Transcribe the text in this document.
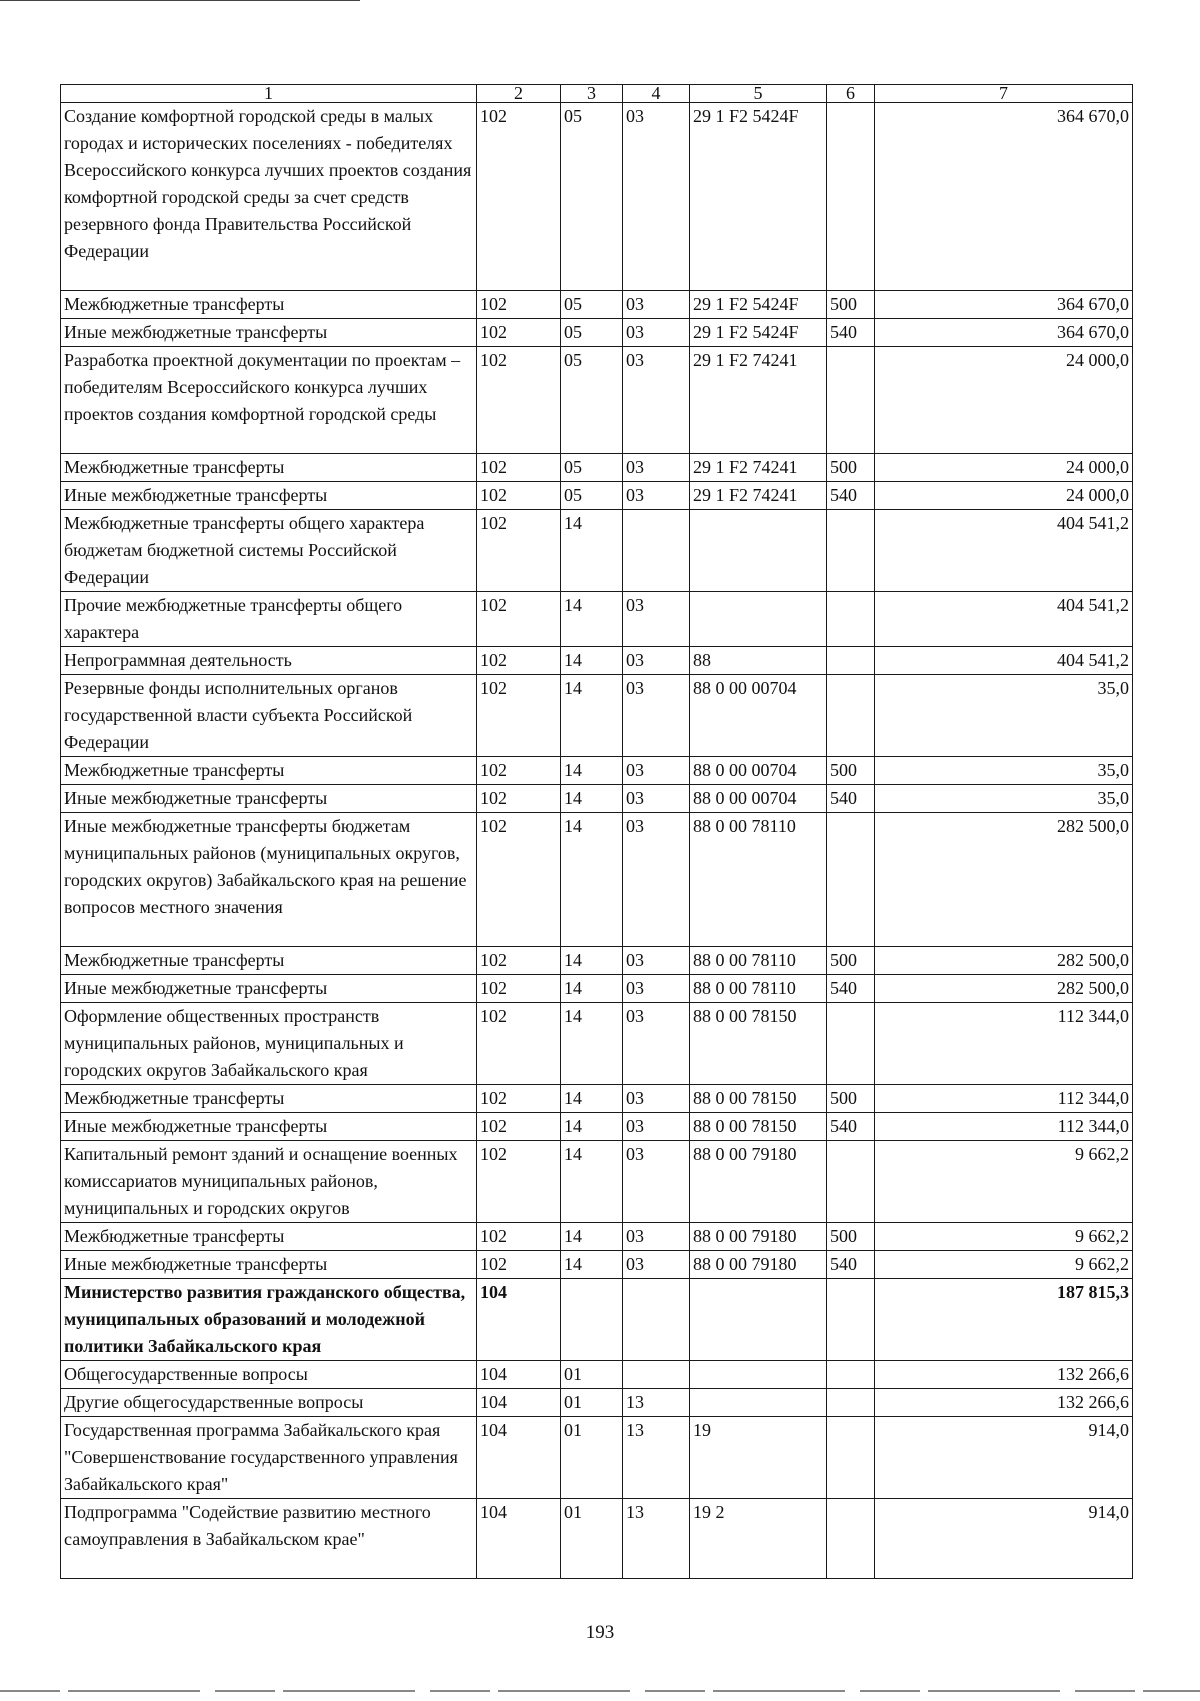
1	2	3	4	5	6	7
Создание комфортной городской среды в малых городах и исторических поселениях - победителях Всероссийского конкурса лучших проектов создания комфортной городской среды за счет средств резервного фонда Правительства Российской Федерации	102	05	03	29 1 F2 5424F		364 670,0
Межбюджетные трансферты	102	05	03	29 1 F2 5424F	500	364 670,0
Иные межбюджетные трансферты	102	05	03	29 1 F2 5424F	540	364 670,0
Разработка проектной документации по проектам – победителям Всероссийского конкурса лучших проектов создания комфортной городской среды	102	05	03	29 1 F2 74241		24 000,0
Межбюджетные трансферты	102	05	03	29 1 F2 74241	500	24 000,0
Иные межбюджетные трансферты	102	05	03	29 1 F2 74241	540	24 000,0
Межбюджетные трансферты общего характера бюджетам бюджетной системы Российской Федерации	102	14				404 541,2
Прочие межбюджетные трансферты общего характера	102	14	03			404 541,2
Непрограммная деятельность	102	14	03	88		404 541,2
Резервные фонды исполнительных органов государственной власти субъекта Российской Федерации	102	14	03	88 0 00 00704		35,0
Межбюджетные трансферты	102	14	03	88 0 00 00704	500	35,0
Иные межбюджетные трансферты	102	14	03	88 0 00 00704	540	35,0
Иные межбюджетные трансферты бюджетам муниципальных районов (муниципальных округов, городских округов) Забайкальского края на решение вопросов местного значения	102	14	03	88 0 00 78110		282 500,0
Межбюджетные трансферты	102	14	03	88 0 00 78110	500	282 500,0
Иные межбюджетные трансферты	102	14	03	88 0 00 78110	540	282 500,0
Оформление общественных пространств муниципальных районов, муниципальных и городских округов Забайкальского края	102	14	03	88 0 00 78150		112 344,0
Межбюджетные трансферты	102	14	03	88 0 00 78150	500	112 344,0
Иные межбюджетные трансферты	102	14	03	88 0 00 78150	540	112 344,0
Капитальный ремонт зданий и оснащение военных комиссариатов муниципальных районов, муниципальных и городских округов	102	14	03	88 0 00 79180		9 662,2
Межбюджетные трансферты	102	14	03	88 0 00 79180	500	9 662,2
Иные межбюджетные трансферты	102	14	03	88 0 00 79180	540	9 662,2
Министерство развития гражданского общества, муниципальных образований и молодежной политики Забайкальского края	104					187 815,3
Общегосударственные вопросы	104	01				132 266,6
Другие общегосударственные вопросы	104	01	13			132 266,6
Государственная программа Забайкальского края "Совершенствование государственного управления Забайкальского края"	104	01	13	19		914,0
Подпрограмма "Содействие развитию местного самоуправления в Забайкальском крае"	104	01	13	19 2		914,0
193
